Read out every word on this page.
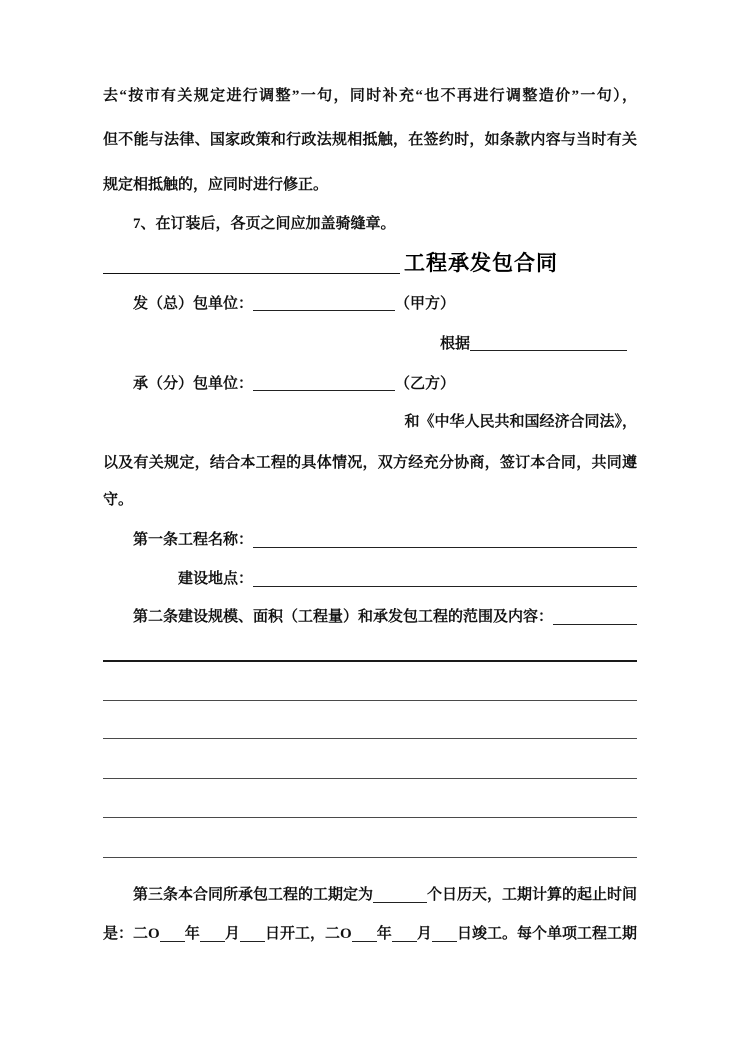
去“按市有关规定进行调整”一句，同时补充“也不再进行调整造价”一句），
但不能与法律、国家政策和行政法规相抵触，在签约时，如条款内容与当时有关
规定相抵触的，应同时进行修正。
7、在订装后，各页之间应加盖骑缝章。
工程承发包合同
发（总）包单位：	（甲方）
根据
承（分）包单位：	（乙方）
和《中华人民共和国经济合同法》，
以及有关规定，结合本工程的具体情况，双方经充分协商，签订本合同，共同遵
守。
第一条工程名称：
建设地点：
第二条建设规模、面积（工程量）和承发包工程的范围及内容：
第三条本合同所承包工程的工期定为	个日历天，工期计算的起止时间
是：二O 年 月 日开工，二O 年 月 日竣工。每个单项工程工期
